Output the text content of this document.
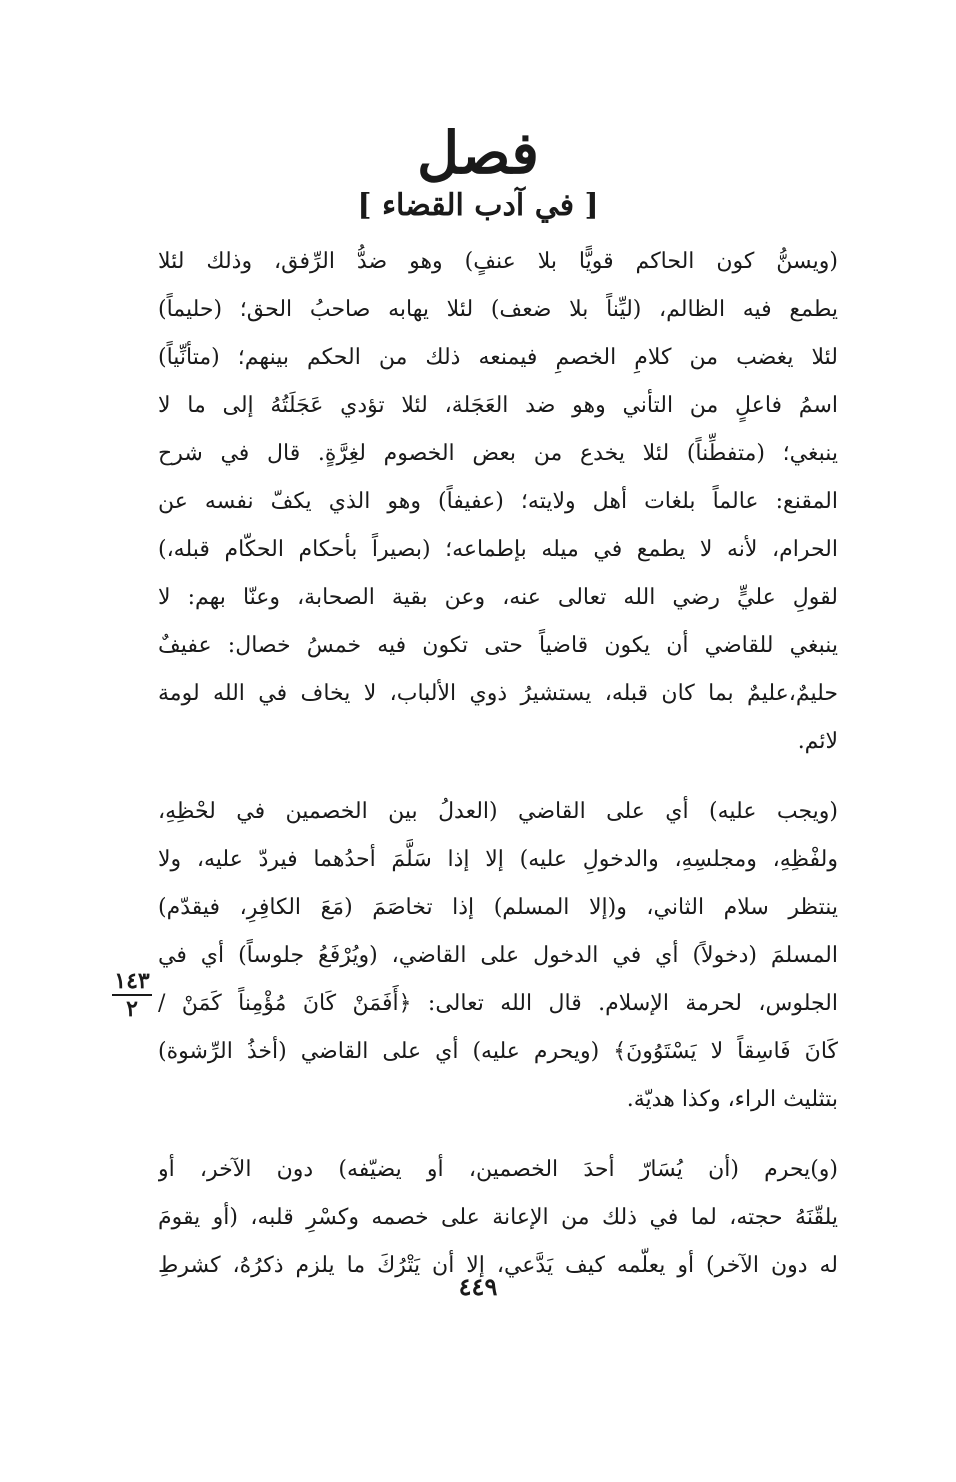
فصل
[ في آدب القضاء ]
(ويسنُّ كون الحاكم قويًّا بلا عنفٍ) وهو ضدُّ الرِّفق، وذلك لئلا
يطمع فيه الظالم، (ليِّناً بلا ضعف) لئلا يهابه صاحبُ الحق؛ (حليماً)
لئلا يغضب من كلامِ الخصمِ فيمنعه ذلك من الحكم بينهم؛ (متأنِّياً)
اسمُ فاعلٍ من التأني وهو ضد العَجَلة، لئلا تؤدي عَجَلَتُهُ إلى ما لا
ينبغي؛ (متفطِّناً) لئلا يخدع من بعض الخصوم لغِرَّةٍ. قال في شرح
المقنع: عالماً بلغات أهل ولايته؛ (عفيفاً) وهو الذي يكفّ نفسه عن
الحرام، لأنه لا يطمع في ميله بإطماعه؛ (بصيراً بأحكام الحكّام قبله،)
لقولِ عليٍّ رضي الله تعالى عنه، وعن بقية الصحابة، وعنّا بهم: لا
ينبغي للقاضي أن يكون قاضياً حتى تكون فيه خمسُ خصال: عفيفٌ
حليمٌ،عليمٌ بما كان قبله، يستشيرُ ذوي الألباب، لا يخاف في الله لومة
لائم.
(ويجب عليه) أي على القاضي (العدلُ بين الخصمين في لحْظِهِ،
ولفْظِهِ، ومجلسِهِ، والدخولِ عليه) إلا إذا سَلَّمَ أحدُهما فيردّ عليه، ولا
ينتظر سلام الثاني، و(إلا المسلم) إذا تخاصَمَ (مَعَ الكافِرِ، فيقدّم)
المسلمَ (دخولاً) أي في الدخول على القاضي، (ويُرْفَعُ جلوساً) أي في
الجلوس، لحرمة الإسلام. قال الله تعالى: ﴿أَفَمَنْ كَانَ مُؤْمِناً كَمَنْ /
كَانَ فَاسِقاً لا يَسْتَوُونَ﴾ (ويحرم عليه) أي على القاضي (أخذُ الرِّشوة)
بتثليث الراء، وكذا هديّة.
(و)يحرم (أن يُسَارّ أحدَ الخصمين، أو يضيّفه) دون الآخر، أو
يلقّنَهُ حجته، لما في ذلك من الإعانة على خصمه وكسْرِ قلبه، (أو يقومَ
له دون الآخر) أو يعلّمه كيف يَدَّعي، إلا أن يَتْرُكَ ما يلزم ذكرُهُ، كشرطِ
١٤٣
٢
٤٤٩
